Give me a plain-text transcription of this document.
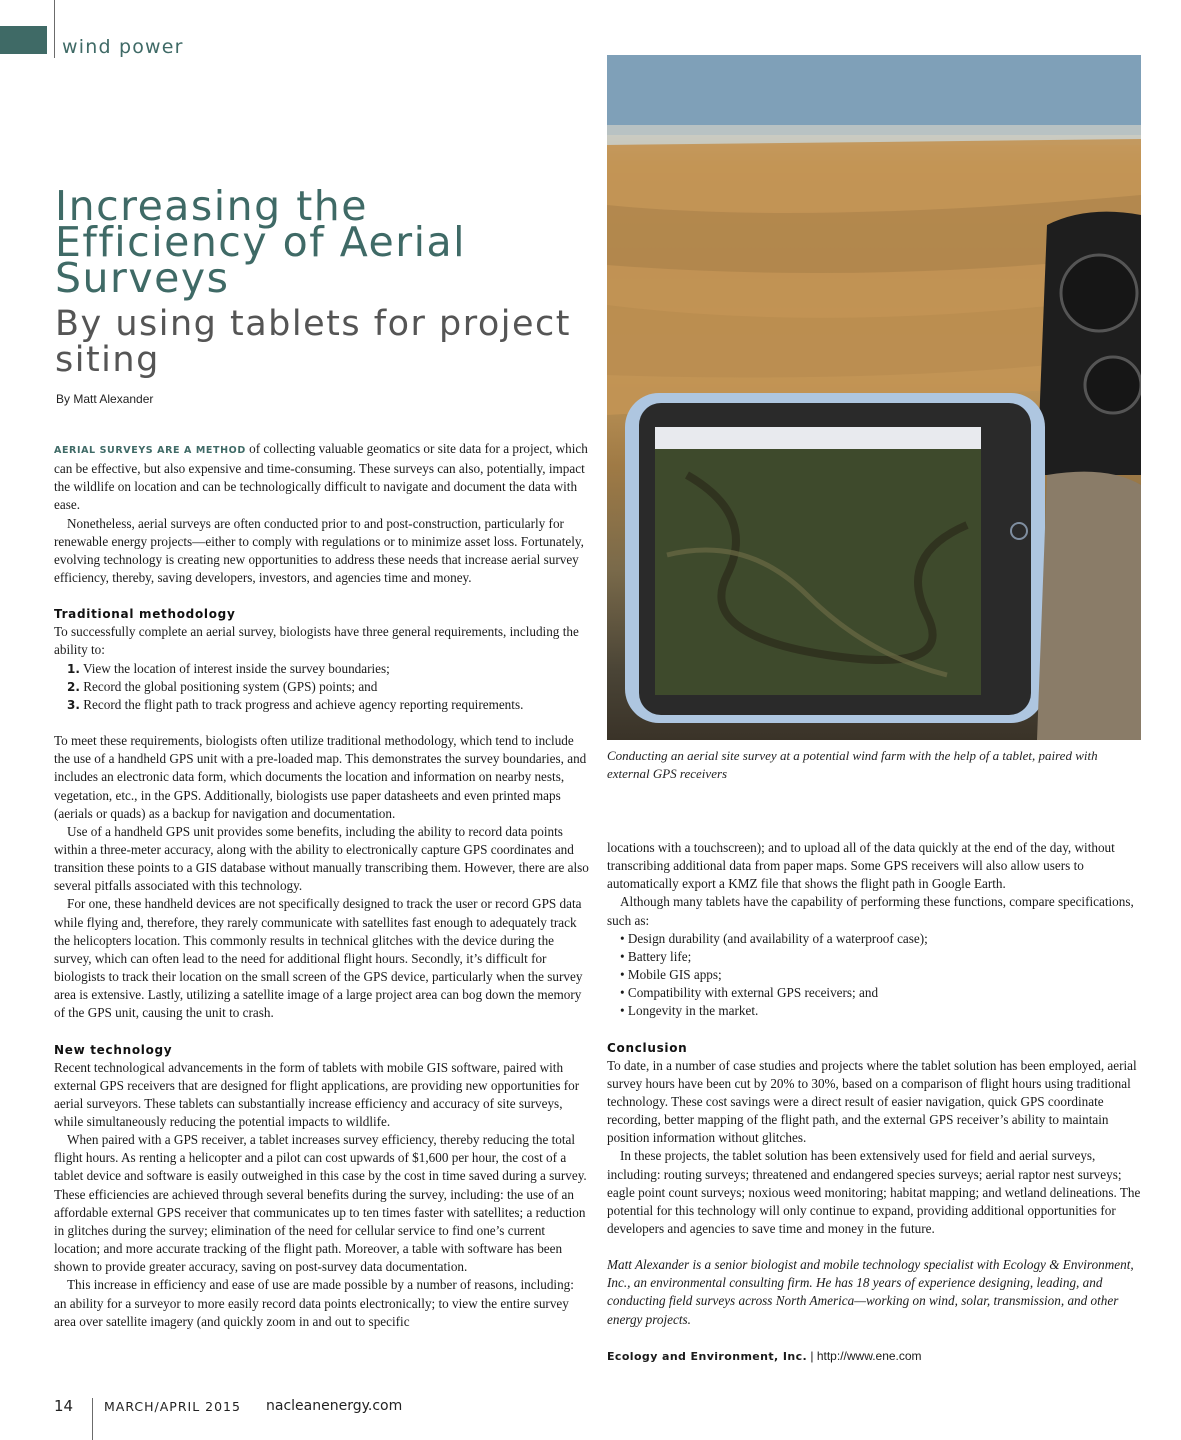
wind power
Increasing the Efficiency of Aerial Surveys
By using tablets for project siting
By Matt Alexander

AERIAL SURVEYS ARE A METHOD of collecting valuable geomatics or site data for a project, which can be effective, but also expensive and time-consuming. These surveys can also, potentially, impact the wildlife on location and can be technologically difficult to navigate and document the data with ease.

Nonetheless, aerial surveys are often conducted prior to and post-construction, particularly for renewable energy projects—either to comply with regulations or to minimize asset loss. Fortunately, evolving technology is creating new opportunities to address these needs that increase aerial survey efficiency, thereby, saving developers, investors, and agencies time and money.

Traditional methodology

To successfully complete an aerial survey, biologists have three general requirements, including the ability to:

1. View the location of interest inside the survey boundaries;

2. Record the global positioning system (GPS) points; and

3. Record the flight path to track progress and achieve agency reporting requirements.

To meet these requirements, biologists often utilize traditional methodology, which tend to include the use of a handheld GPS unit with a pre-loaded map. This demonstrates the survey boundaries, and includes an electronic data form, which documents the location and information on nearby nests, vegetation, etc., in the GPS. Additionally, biologists use paper datasheets and even printed maps (aerials or quads) as a backup for navigation and documentation.

Use of a handheld GPS unit provides some benefits, including the ability to record data points within a three-meter accuracy, along with the ability to electronically capture GPS coordinates and transition these points to a GIS database without manually transcribing them. However, there are also several pitfalls associated with this technology.

For one, these handheld devices are not specifically designed to track the user or record GPS data while flying and, therefore, they rarely communicate with satellites fast enough to adequately track the helicopters location. This commonly results in technical glitches with the device during the survey, which can often lead to the need for additional flight hours. Secondly, it’s difficult for biologists to track their location on the small screen of the GPS device, particularly when the survey area is extensive. Lastly, utilizing a satellite image of a large project area can bog down the memory of the GPS unit, causing the unit to crash.

New technology

Recent technological advancements in the form of tablets with mobile GIS software, paired with external GPS receivers that are designed for flight applications, are providing new opportunities for aerial surveyors. These tablets can substantially increase efficiency and accuracy of site surveys, while simultaneously reducing the potential impacts to wildlife.

When paired with a GPS receiver, a tablet increases survey efficiency, thereby reducing the total flight hours. As renting a helicopter and a pilot can cost upwards of $1,600 per hour, the cost of a tablet device and software is easily outweighed in this case by the cost in time saved during a survey. These efficiencies are achieved through several benefits during the survey, including: the use of an affordable external GPS receiver that communicates up to ten times faster with satellites; a reduction in glitches during the survey; elimination of the need for cellular service to find one’s current location; and more accurate tracking of the flight path. Moreover, a table with software has been shown to provide greater accuracy, saving on post-survey data documentation.

This increase in efficiency and ease of use are made possible by a number of reasons, including: an ability for a surveyor to more easily record data points electronically; to view the entire survey area over satellite imagery (and quickly zoom in and out to specific

Conducting an aerial site survey at a potential wind farm with the help of a tablet, paired with external GPS receivers

locations with a touchscreen); and to upload all of the data quickly at the end of the day, without transcribing additional data from paper maps. Some GPS receivers will also allow users to automatically export a KMZ file that shows the flight path in Google Earth.

Although many tablets have the capability of performing these functions, compare specifications, such as:

• Design durability (and availability of a waterproof case);

• Battery life;

• Mobile GIS apps;

• Compatibility with external GPS receivers; and

• Longevity in the market.

Conclusion

To date, in a number of case studies and projects where the tablet solution has been employed, aerial survey hours have been cut by 20% to 30%, based on a comparison of flight hours using traditional technology. These cost savings were a direct result of easier navigation, quick GPS coordinate recording, better mapping of the flight path, and the external GPS receiver’s ability to maintain position information without glitches.

In these projects, the tablet solution has been extensively used for field and aerial surveys, including: routing surveys; threatened and endangered species surveys; aerial raptor nest surveys; eagle point count surveys; noxious weed monitoring; habitat mapping; and wetland delineations. The potential for this technology will only continue to expand, providing additional opportunities for developers and agencies to save time and money in the future.

Matt Alexander is a senior biologist and mobile technology specialist with Ecology & Environment, Inc., an environmental consulting firm. He has 18 years of experience designing, leading, and conducting field surveys across North America—working on wind, solar, transmission, and other energy projects.

Ecology and Environment, Inc. | http://www.ene.com

14 MARCH/APRIL 2015 nacleanenergy.com
